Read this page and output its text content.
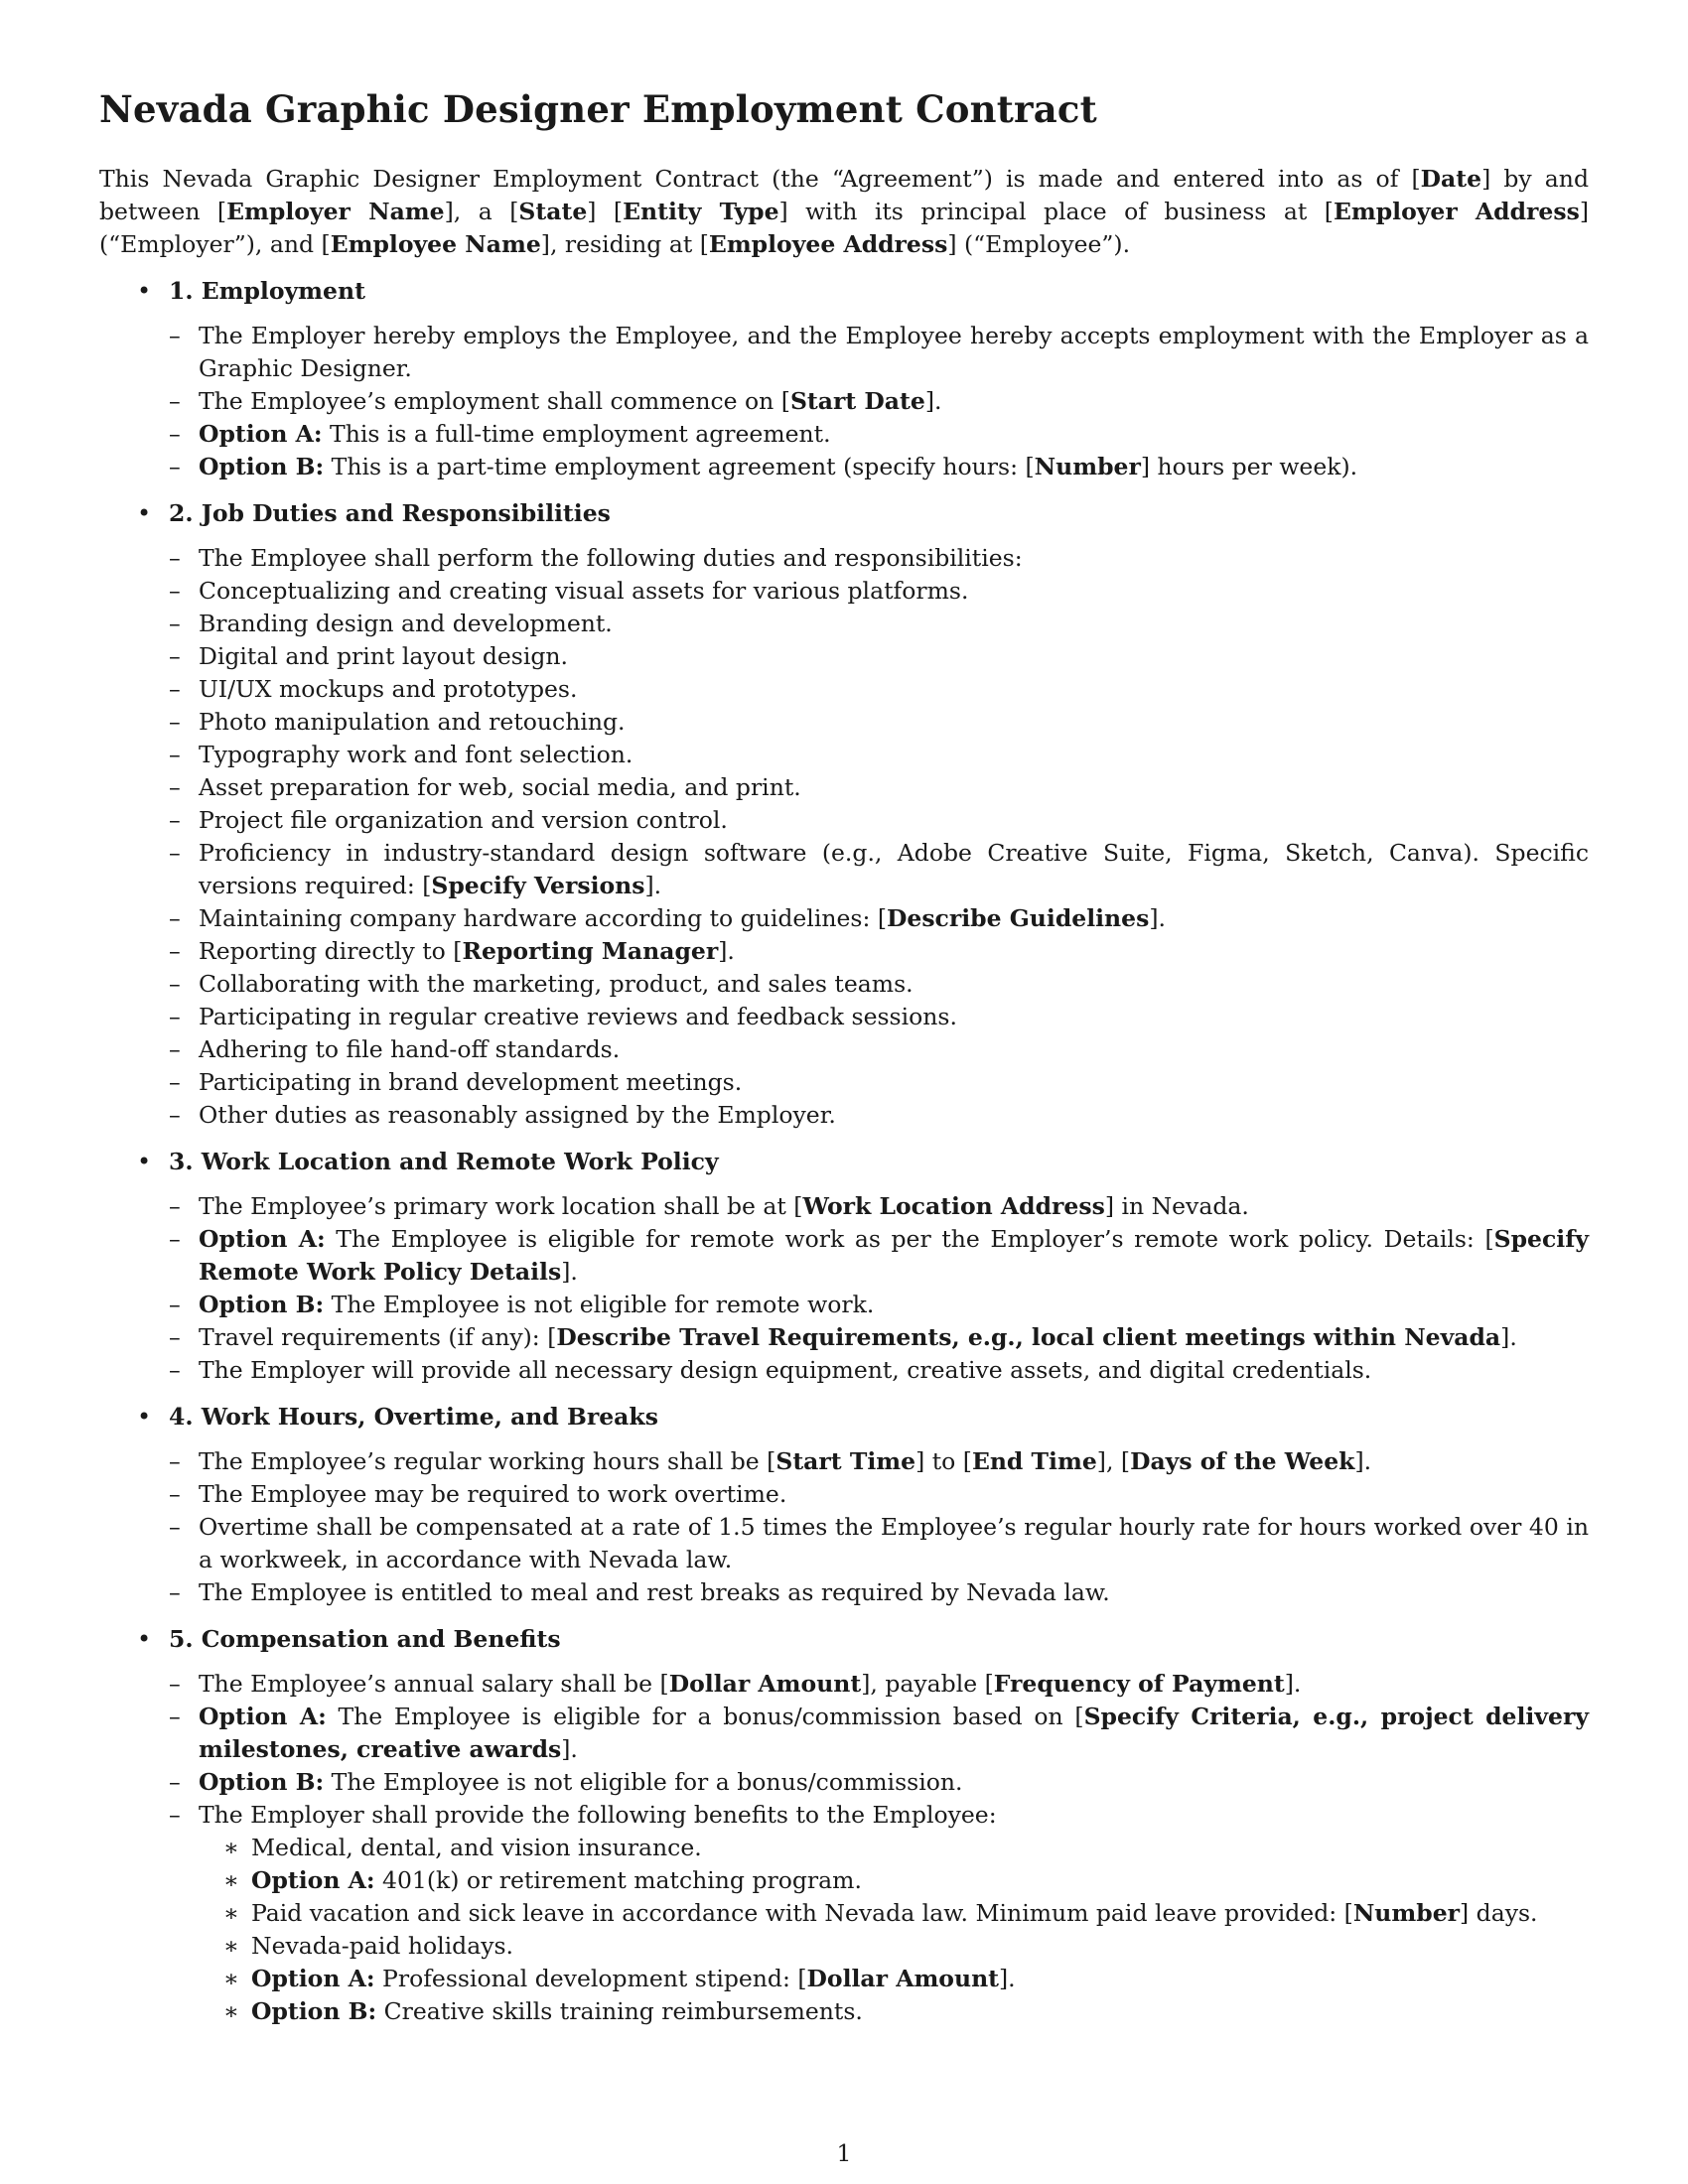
Nevada Graphic Designer Employment Contract

This Nevada Graphic Designer Employment Contract (the “Agreement”) is made and entered into as of [Date] by and between [Employer Name], a [State] [Entity Type] with its principal place of business at [Employer Address] (“Employer”), and [Employee Name], residing at [Employee Address] (“Employee”).

• 1. Employment
– The Employer hereby employs the Employee, and the Employee hereby accepts employment with the Employer as a Graphic Designer.
– The Employee’s employment shall commence on [Start Date].
– Option A: This is a full-time employment agreement.
– Option B: This is a part-time employment agreement (specify hours: [Number] hours per week).
• 2. Job Duties and Responsibilities
– The Employee shall perform the following duties and responsibilities:
– Conceptualizing and creating visual assets for various platforms.
– Branding design and development.
– Digital and print layout design.
– UI/UX mockups and prototypes.
– Photo manipulation and retouching.
– Typography work and font selection.
– Asset preparation for web, social media, and print.
– Project file organization and version control.
– Proficiency in industry-standard design software (e.g., Adobe Creative Suite, Figma, Sketch, Canva). Specific versions required: [Specify Versions].
– Maintaining company hardware according to guidelines: [Describe Guidelines].
– Reporting directly to [Reporting Manager].
– Collaborating with the marketing, product, and sales teams.
– Participating in regular creative reviews and feedback sessions.
– Adhering to file hand-off standards.
– Participating in brand development meetings.
– Other duties as reasonably assigned by the Employer.
• 3. Work Location and Remote Work Policy
– The Employee’s primary work location shall be at [Work Location Address] in Nevada.
– Option A: The Employee is eligible for remote work as per the Employer’s remote work policy. Details: [Specify Remote Work Policy Details].
– Option B: The Employee is not eligible for remote work.
– Travel requirements (if any): [Describe Travel Requirements, e.g., local client meetings within Nevada].
– The Employer will provide all necessary design equipment, creative assets, and digital credentials.
• 4. Work Hours, Overtime, and Breaks
– The Employee’s regular working hours shall be [Start Time] to [End Time], [Days of the Week].
– The Employee may be required to work overtime.
– Overtime shall be compensated at a rate of 1.5 times the Employee’s regular hourly rate for hours worked over 40 in a workweek, in accordance with Nevada law.
– The Employee is entitled to meal and rest breaks as required by Nevada law.
• 5. Compensation and Benefits
– The Employee’s annual salary shall be [Dollar Amount], payable [Frequency of Payment].
– Option A: The Employee is eligible for a bonus/commission based on [Specify Criteria, e.g., project delivery milestones, creative awards].
– Option B: The Employee is not eligible for a bonus/commission.
– The Employer shall provide the following benefits to the Employee:
∗ Medical, dental, and vision insurance.
∗ Option A: 401(k) or retirement matching program.
∗ Paid vacation and sick leave in accordance with Nevada law. Minimum paid leave provided: [Number] days.
∗ Nevada-paid holidays.
∗ Option A: Professional development stipend: [Dollar Amount].
∗ Option B: Creative skills training reimbursements.
1
